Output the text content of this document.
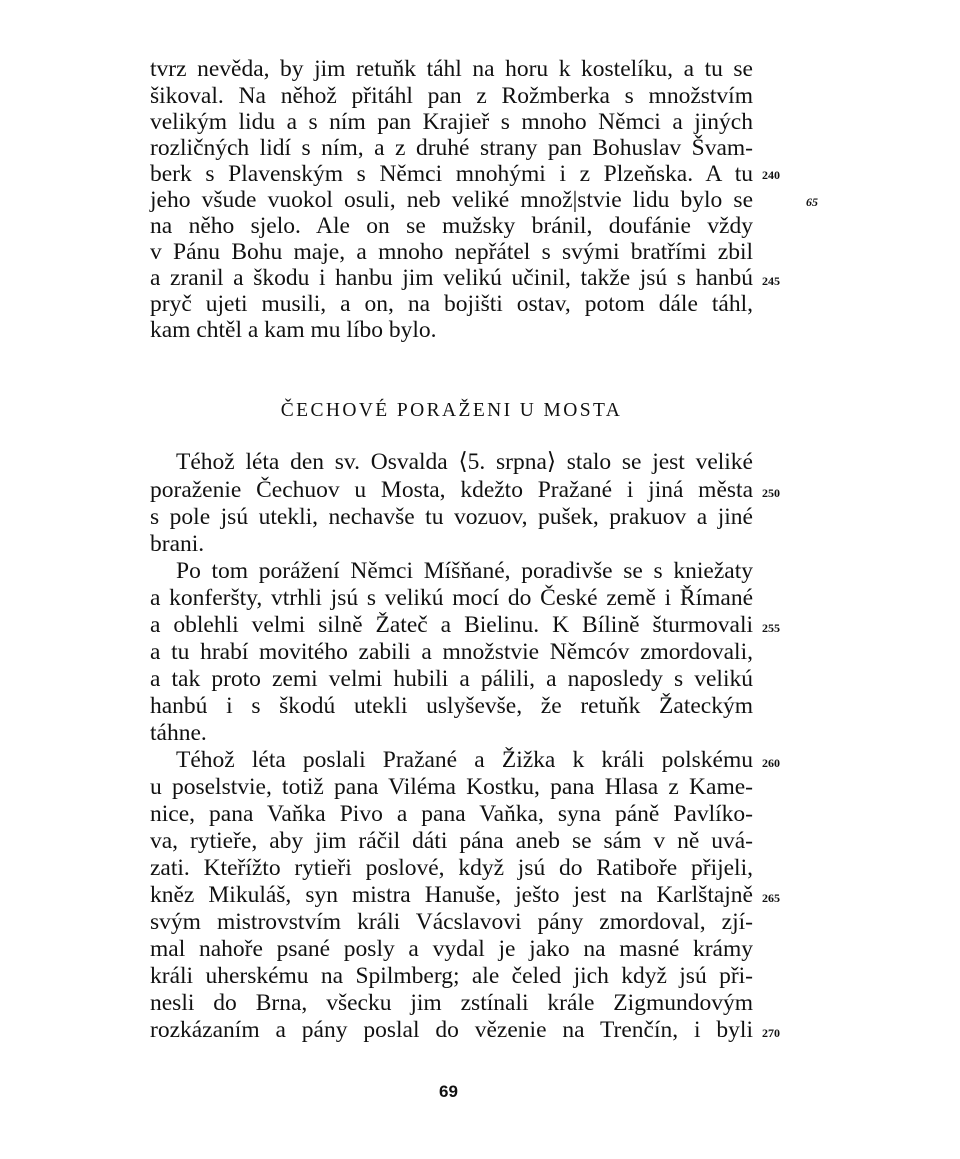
tvrz nevěda, by jim retuňk táhl na horu k kostelíku, a tu se
šikoval. Na něhož přitáhl pan z Rožmberka s množstvím
velikým lidu a s ním pan Krajieř s mnoho Němci a jiných
rozličných lidí s ním, a z druhé strany pan Bohuslav Švam-
berk s Plavenským s Němci mnohými i z Plzeňska. A tu
jeho všude vuokol osuli, neb veliké množ|stvie lidu bylo se
na něho sjelo. Ale on se mužsky bránil, doufánie vždy
v Pánu Bohu maje, a mnoho nepřátel s svými bratřími zbil
a zranil a škodu i hanbu jim velikú učinil, takže jsú s hanbú
pryč ujeti musili, a on, na bojišti ostav, potom dále táhl,
kam chtěl a kam mu líbo bylo.
ČECHOVÉ PORAŽENI U MOSTA
Téhož léta den sv. Osvalda ⟨5. srpna⟩ stalo se jest veliké
poraženie Čechuov u Mosta, kdežto Pražané i jiná města
s pole jsú utekli, nechavše tu vozuov, pušek, prakuov a jiné
brani.
Po tom porážení Němci Míšňané, poradivše se s kniežaty
a konferšty, vtrhli jsú s velikú mocí do České země i Římané
a oblehli velmi silně Žateč a Bielinu. K Bílině šturmovali
a tu hrabí movitého zabili a množstvie Němcóv zmordovali,
a tak proto zemi velmi hubili a pálili, a naposledy s velikú
hanbú i s škodú utekli uslyševše, že retuňk Žateckým
táhne.
Téhož léta poslali Pražané a Žižka k králi polskému
u poselstvie, totiž pana Viléma Kostku, pana Hlasa z Kame-
nice, pana Vaňka Pivo a pana Vaňka, syna páně Pavlíko-
va, rytieře, aby jim ráčil dáti pána aneb se sám v ně uvá-
zati. Kteřížto rytieři poslové, když jsú do Ratiboře přijeli,
kněz Mikuláš, syn mistra Hanuše, ješto jest na Karlštajně
svým mistrovstvím králi Vácslavovi pány zmordoval, zjí-
mal nahoře psané posly a vydal je jako na masné krámy
králi uherskému na Spilmberg; ale čeled jich když jsú při-
nesli do Brna, všecku jim zstínali krále Zigmundovým
rozkázaním a pány poslal do vězenie na Trenčín, i byli
240
65
245
250
255
260
265
270
69
